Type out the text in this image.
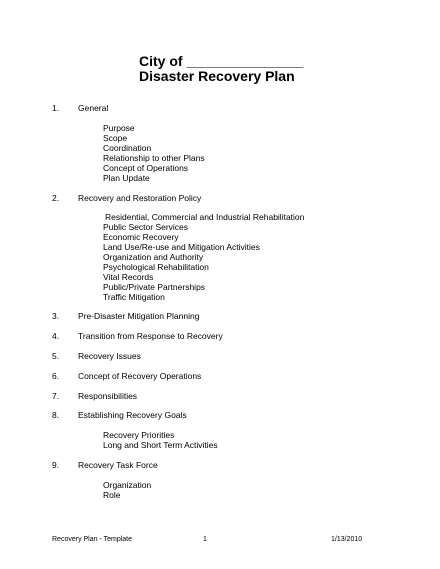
City of _______________
Disaster Recovery Plan
1. General
Purpose
Scope
Coordination
Relationship to other Plans
Concept of Operations
Plan Update
2. Recovery and Restoration Policy
Residential, Commercial and Industrial Rehabilitation
Public Sector Services
Economic Recovery
Land Use/Re-use and Mitigation Activities
Organization and Authority
Psychological Rehabilitation
Vital Records
Public/Private Partnerships
Traffic Mitigation
3. Pre-Disaster Mitigation Planning
4. Transition from Response to Recovery
5. Recovery Issues
6. Concept of Recovery Operations
7. Responsibilities
8. Establishing Recovery Goals
Recovery Priorities
Long and Short Term Activities
9. Recovery Task Force
Organization
Role
Recovery Plan - Template	1	1/13/2010
